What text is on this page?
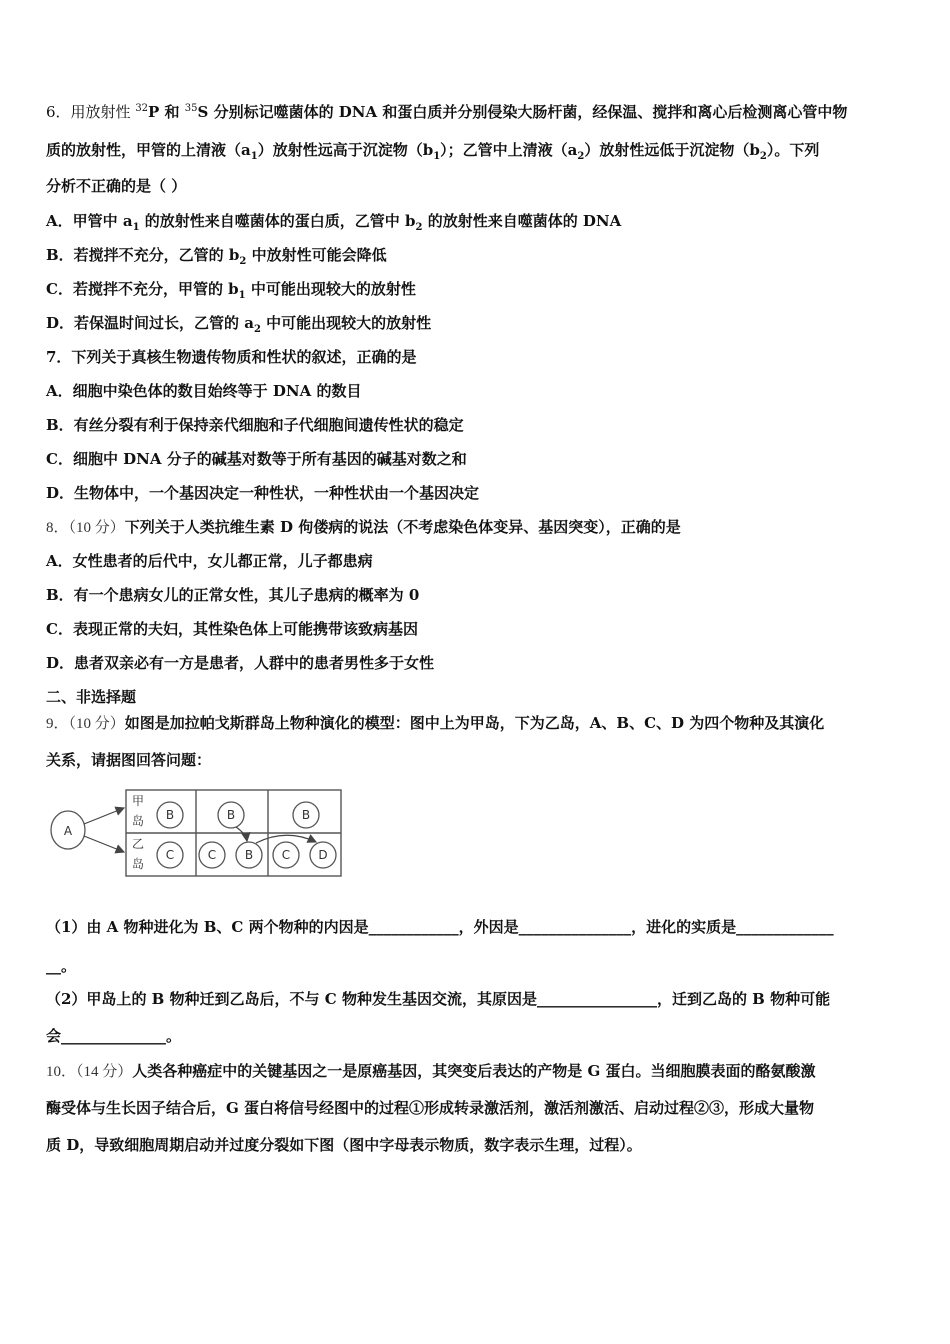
6．用放射性 $^{32}$P 和 $^{35}$S 分别标记噬菌体的 DNA 和蛋白质并分别侵染大肠杆菌，经保温、搅拌和离心后检测离心管中物
质的放射性，甲管的上清液$(a_1)$放射性远高于沉淀物$(b_1)$；乙管中上清液$(a_2)$放射性远低于沉淀物$(b_2)$。下列
分析不正确的是（ ）
A．甲管中 $a_1$ 的放射性来自噬菌体的蛋白质，乙管中 $b_2$ 的放射性来自噬菌体的 DNA
B．若搅拌不充分，乙管的 $b_2$ 中放射性可能会降低
C．若搅拌不充分，甲管的 $b_1$ 中可能出现较大的放射性
D．若保温时间过长，乙管的 $a_2$ 中可能出现较大的放射性
7．下列关于真核生物遗传物质和性状的叙述，正确的是
A．细胞中染色体的数目始终等于 DNA 的数目
B．有丝分裂有利于保持亲代细胞和子代细胞间遗传性状的稳定
C．细胞中 DNA 分子的碱基对数等于所有基因的碱基对数之和
D．生物体中，一个基因决定一种性状，一种性状由一个基因决定
8．（10 分）下列关于人类抗维生素 D 佝偻病的说法（不考虑染色体变异、基因突变），正确的是
A．女性患者的后代中，女儿都正常，儿子都患病
B．有一个患病女儿的正常女性，其儿子患病的概率为 0
C．表现正常的夫妇，其性染色体上可能携带该致病基因
D．患者双亲必有一方是患者，人群中的患者男性多于女性
二、非选择题
9．（10 分）如图是加拉帕戈斯群岛上物种演化的模型：图中上为甲岛，下为乙岛，A、B、C、D 为四个物种及其演化
关系，请据图回答问题：
A
B	B	B
C	C B C D
甲
岛
乙
岛
（1）由 A 物种进化为 B、C 两个物种的内因是____________，外因是_______________，进化的实质是_____________
__。
（2）甲岛上的 B 物种迁到乙岛后，不与 C 物种发生基因交流，其原因是________________，迁到乙岛的 B 物种可能
会______________。
10．（14 分）人类各种癌症中的关键基因之一是原癌基因，其突变后表达的产物是 G 蛋白。当细胞膜表面的酪氨酸激
酶受体与生长因子结合后，G 蛋白将信号经图中的过程①形成转录激活剂，激活剂激活、启动过程②③，形成大量物
质 D，导致细胞周期启动并过度分裂如下图（图中字母表示物质，数字表示生理，过程）。
